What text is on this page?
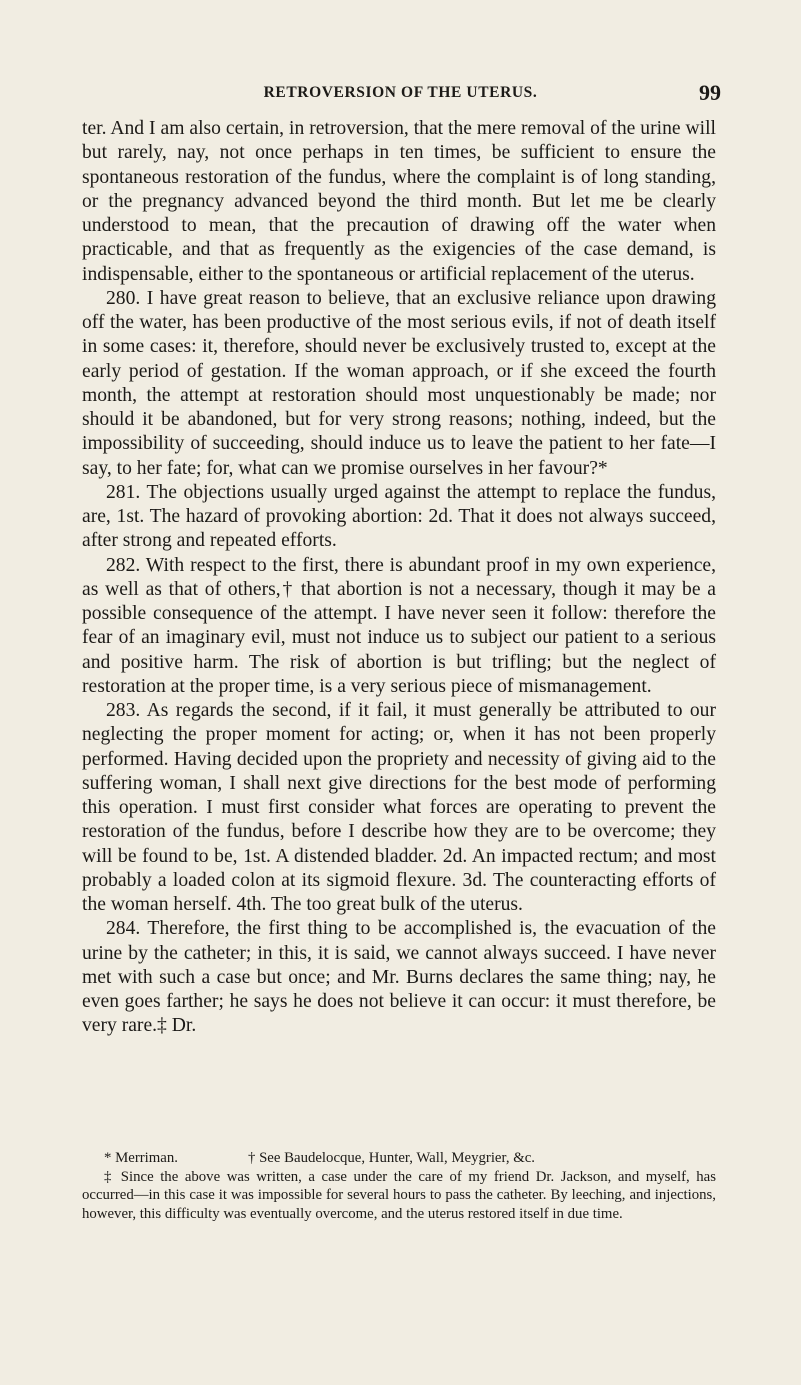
RETROVERSION OF THE UTERUS.	99

ter. And I am also certain, in retroversion, that the mere removal of the urine will but rarely, nay, not once perhaps in ten times, be sufficient to ensure the spontaneous restoration of the fundus, where the complaint is of long standing, or the pregnancy advanced beyond the third month. But let me be clearly understood to mean, that the precaution of drawing off the water when practicable, and that as frequently as the exigencies of the case demand, is indispensable, either to the spontaneous or artificial replacement of the uterus.

280. I have great reason to believe, that an exclusive reliance upon drawing off the water, has been productive of the most serious evils, if not of death itself in some cases: it, therefore, should never be exclusively trusted to, except at the early period of gestation. If the woman approach, or if she exceed the fourth month, the attempt at restoration should most unquestionably be made; nor should it be abandoned, but for very strong reasons; nothing, indeed, but the impossibility of succeeding, should induce us to leave the patient to her fate—I say, to her fate; for, what can we promise ourselves in her favour?*

281. The objections usually urged against the attempt to replace the fundus, are, 1st. The hazard of provoking abortion: 2d. That it does not always succeed, after strong and repeated efforts.

282. With respect to the first, there is abundant proof in my own experience, as well as that of others,† that abortion is not a necessary, though it may be a possible consequence of the attempt. I have never seen it follow: therefore the fear of an imaginary evil, must not induce us to subject our patient to a serious and positive harm. The risk of abortion is but trifling; but the neglect of restoration at the proper time, is a very serious piece of mismanagement.

283. As regards the second, if it fail, it must generally be attributed to our neglecting the proper moment for acting; or, when it has not been properly performed. Having decided upon the propriety and necessity of giving aid to the suffering woman, I shall next give directions for the best mode of performing this operation. I must first consider what forces are operating to prevent the restoration of the fundus, before I describe how they are to be overcome; they will be found to be, 1st. A distended bladder. 2d. An impacted rectum; and most probably a loaded colon at its sigmoid flexure. 3d. The counteracting efforts of the woman herself. 4th. The too great bulk of the uterus.

284. Therefore, the first thing to be accomplished is, the evacuation of the urine by the catheter; in this, it is said, we cannot always succeed. I have never met with such a case but once; and Mr. Burns declares the same thing; nay, he even goes farther; he says he does not believe it can occur: it must therefore, be very rare.‡ Dr.

* Merriman.	† See Baudelocque, Hunter, Wall, Meygrier, &c.

‡ Since the above was written, a case under the care of my friend Dr. Jackson, and myself, has occurred—in this case it was impossible for several hours to pass the catheter. By leeching, and injections, however, this difficulty was eventually overcome, and the uterus restored itself in due time.
